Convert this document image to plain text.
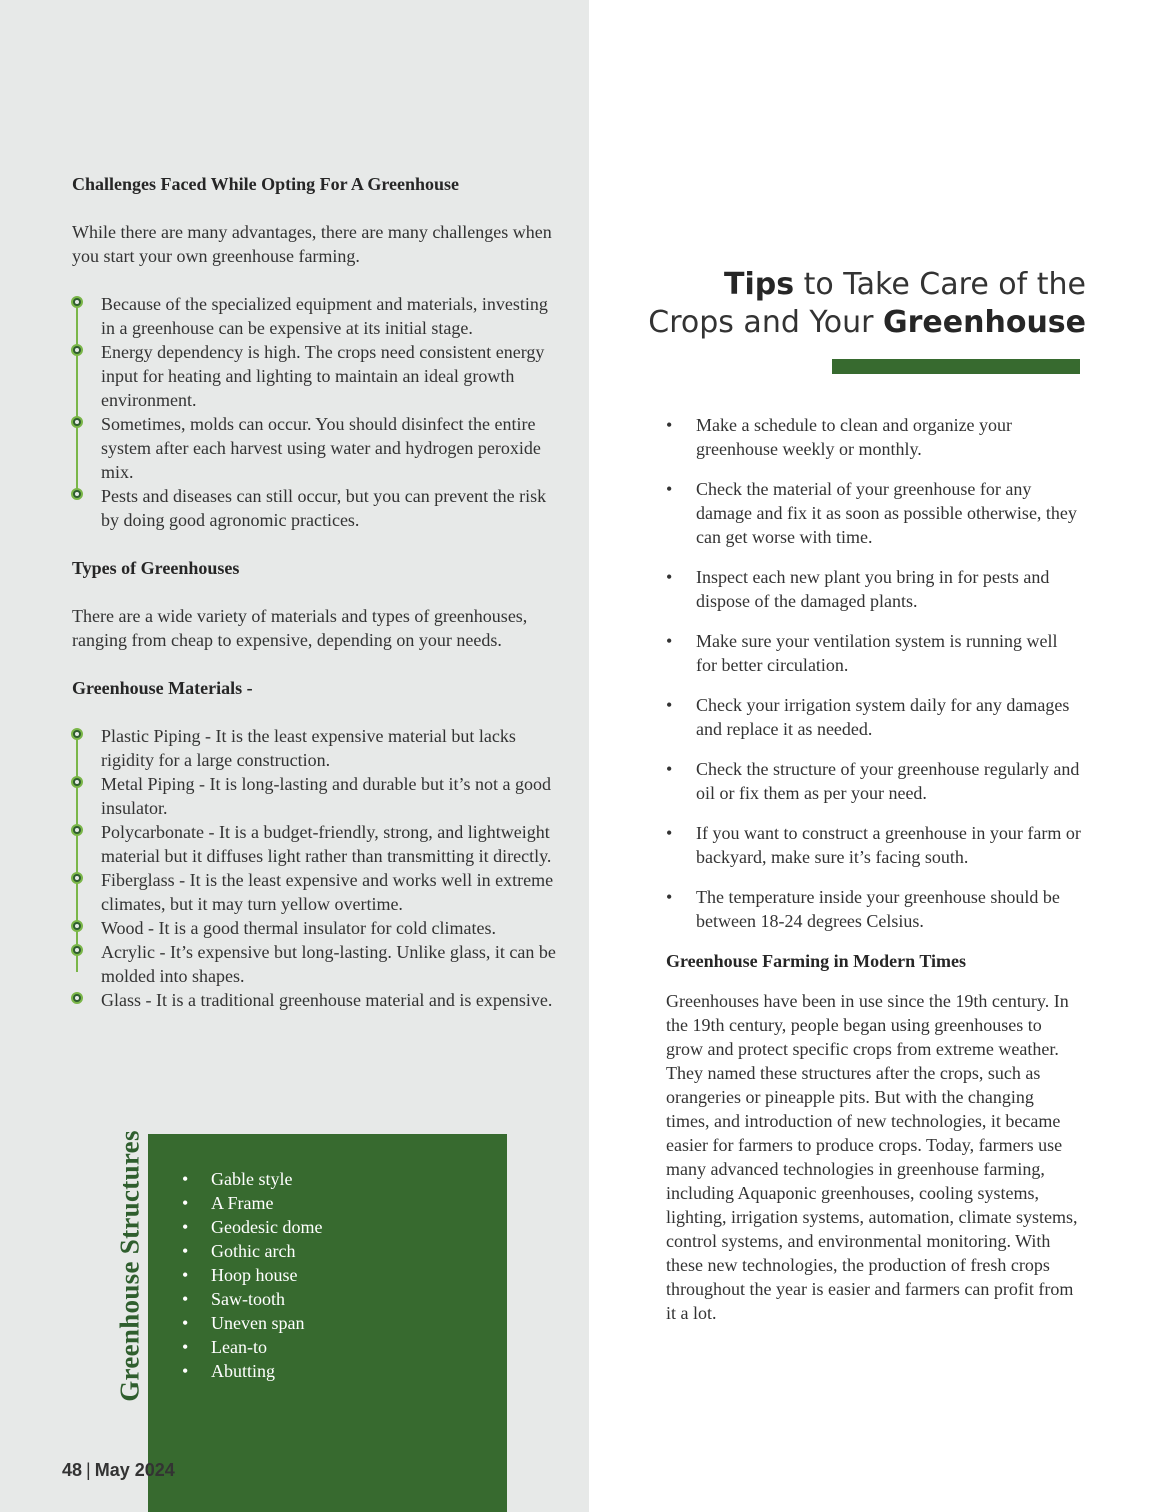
Challenges Faced While Opting For A Greenhouse

While there are many advantages, there are many challenges when you start your own greenhouse farming.

Because of the specialized equipment and materials, investing in a greenhouse can be expensive at its initial stage.
Energy dependency is high. The crops need consistent energy input for heating and lighting to maintain an ideal growth environment.
Sometimes, molds can occur. You should disinfect the entire system after each harvest using water and hydrogen peroxide mix.
Pests and diseases can still occur, but you can prevent the risk by doing good agronomic practices.

Types of Greenhouses

There are a wide variety of materials and types of greenhouses, ranging from cheap to expensive, depending on your needs.

Greenhouse Materials -

Plastic Piping - It is the least expensive material but lacks rigidity for a large construction.
Metal Piping - It is long-lasting and durable but it’s not a good insulator.
Polycarbonate - It is a budget-friendly, strong, and lightweight material but it diffuses light rather than transmitting it directly.
Fiberglass - It is the least expensive and works well in extreme climates, but it may turn yellow overtime.
Wood - It is a good thermal insulator for cold climates.
Acrylic - It’s expensive but long-lasting. Unlike glass, it can be molded into shapes.
Glass - It is a traditional greenhouse material and is expensive.
Greenhouse Structures
•	Gable style
• A Frame
• Geodesic dome
• Gothic arch
• Hoop house
• Saw-tooth
• Uneven span
• Lean-to
• Abutting
48 | May 2024
Tips to Take Care of the
Crops and Your Greenhouse
• Make a schedule to clean and organize your greenhouse weekly or monthly.
• Check the material of your greenhouse for any damage and fix it as soon as possible otherwise, they can get worse with time.
• Inspect each new plant you bring in for pests and dispose of the damaged plants.
• Make sure your ventilation system is running well for better circulation.
• Check your irrigation system daily for any damages and replace it as needed.
• Check the structure of your greenhouse regularly and oil or fix them as per your need.
• If you want to construct a greenhouse in your farm or backyard, make sure it’s facing south.
• The temperature inside your greenhouse should be between 18-24 degrees Celsius.

Greenhouse Farming in Modern Times

Greenhouses have been in use since the 19th century. In the 19th century, people began using greenhouses to grow and protect specific crops from extreme weather. They named these structures after the crops, such as orangeries or pineapple pits. But with the changing times, and introduction of new technologies, it became easier for farmers to produce crops. Today, farmers use many advanced technologies in greenhouse farming, including Aquaponic greenhouses, cooling systems, lighting, irrigation systems, automation, climate systems, control systems, and environmental monitoring. With these new technologies, the production of fresh crops throughout the year is easier and farmers can profit from it a lot.
